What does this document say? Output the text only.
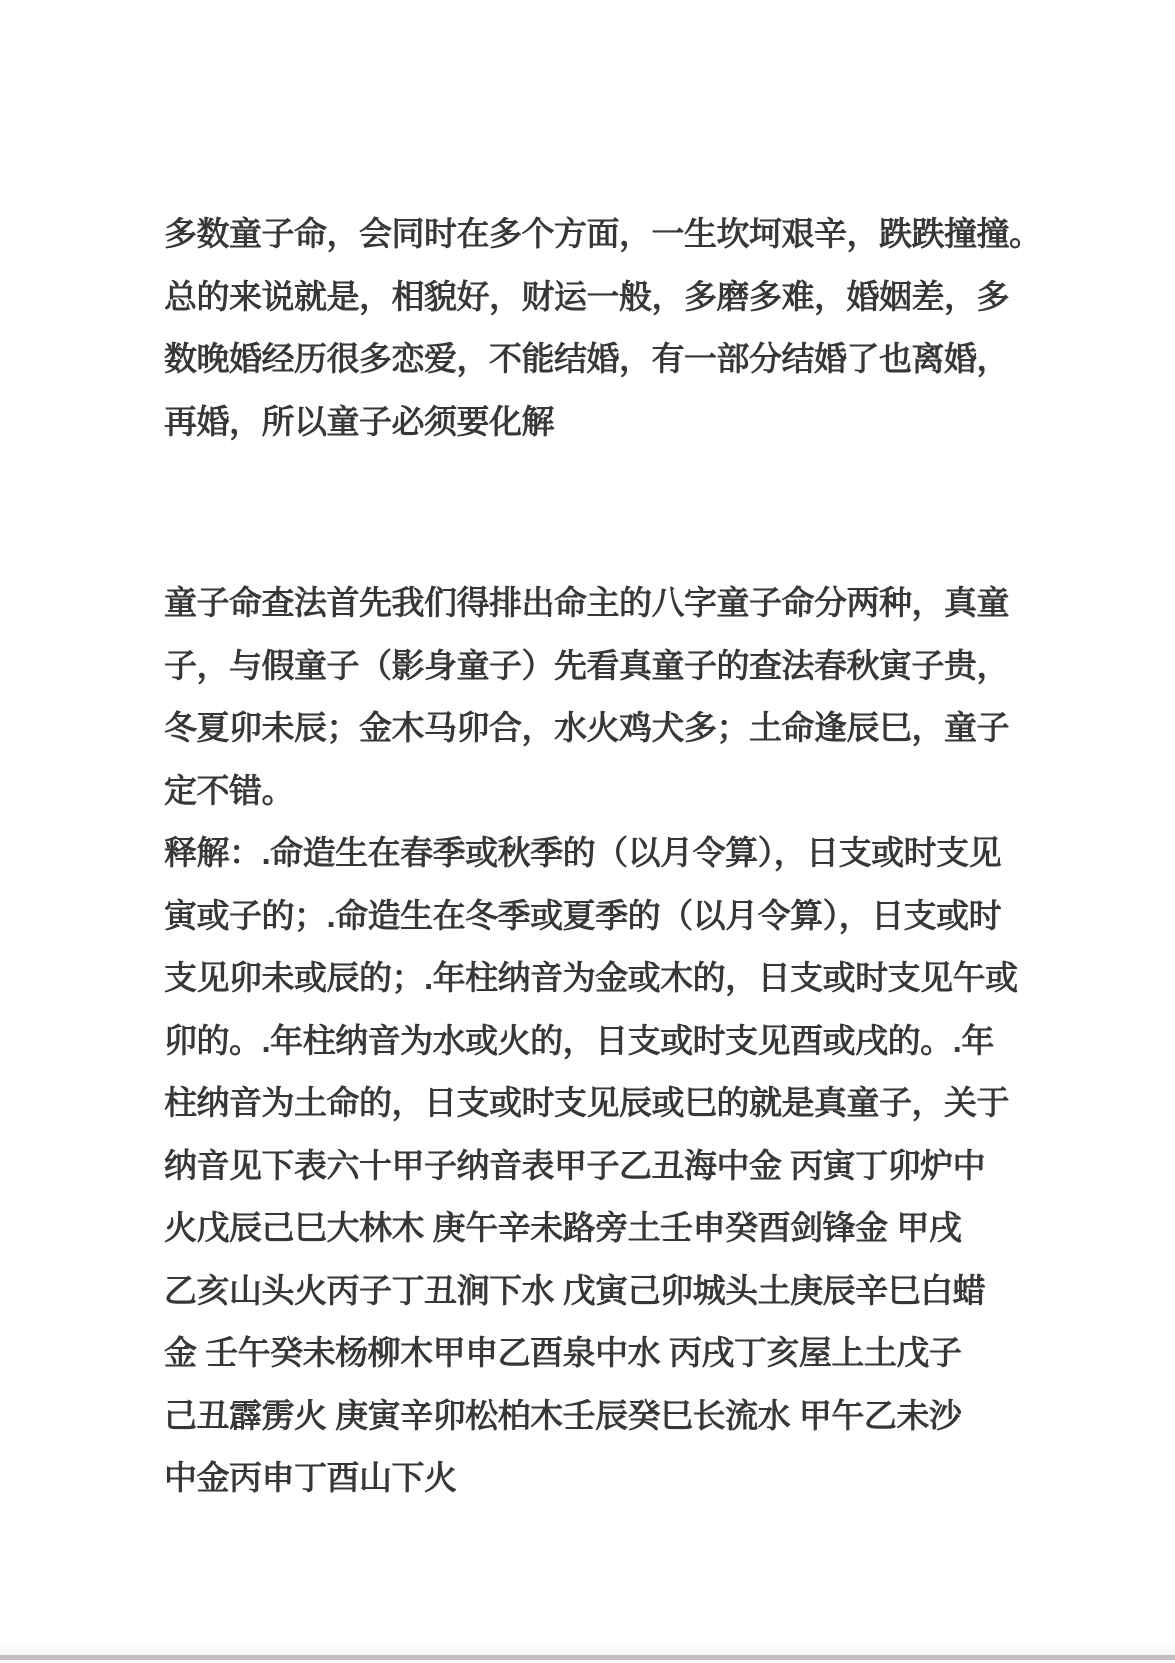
多数童子命，会同时在多个方面，一生坎坷艰辛，跌跌撞撞。
总的来说就是，相貌好，财运一般，多磨多难，婚姻差，多
数晚婚经历很多恋爱，不能结婚，有一部分结婚了也离婚，
再婚，所以童子必须要化解
童子命查法首先我们得排出命主的八字童子命分两种，真童
子，与假童子（影身童子）先看真童子的查法春秋寅子贵，
冬夏卯未辰；金木马卯合，水火鸡犬多；土命逢辰巳，童子
定不错。
释解：.命造生在春季或秋季的（以月令算），日支或时支见
寅或子的；.命造生在冬季或夏季的（以月令算），日支或时
支见卯未或辰的；.年柱纳音为金或木的，日支或时支见午或
卯的。.年柱纳音为水或火的，日支或时支见酉或戌的。.年
柱纳音为土命的，日支或时支见辰或巳的就是真童子，关于
纳音见下表六十甲子纳音表甲子乙丑海中金 丙寅丁卯炉中
火戊辰己巳大林木 庚午辛未路旁土壬申癸酉剑锋金 甲戌
乙亥山头火丙子丁丑涧下水 戊寅己卯城头土庚辰辛巳白蜡
金 壬午癸未杨柳木甲申乙酉泉中水 丙戌丁亥屋上土戊子
己丑霹雳火 庚寅辛卯松柏木壬辰癸巳长流水 甲午乙未沙
中金丙申丁酉山下火
